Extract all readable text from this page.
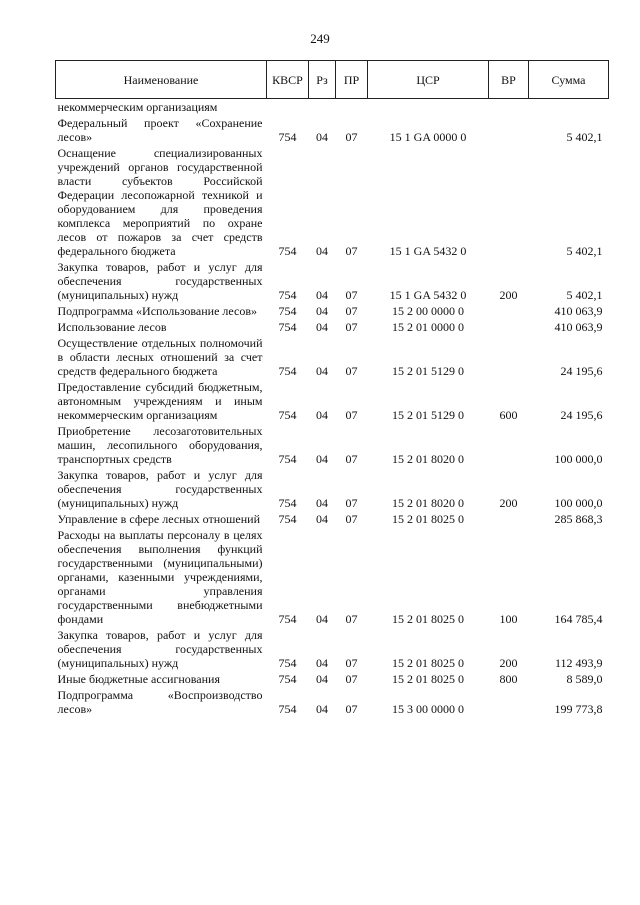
249
Наименование	КВСР	Рз	ПР	ЦСР	ВР	Сумма
некоммерческим организациям						
Федеральный проект «Сохранение лесов»	754	04	07	15 1 GA 0000 0		5 402,1
Оснащение специализированных учреждений органов государственной власти субъектов Российской Федерации лесопожарной техникой и оборудованием для проведения комплекса мероприятий по охране лесов от пожаров за счет средств федерального бюджета	754	04	07	15 1 GA 5432 0		5 402,1
Закупка товаров, работ и услуг для обеспечения государственных (муниципальных) нужд	754	04	07	15 1 GA 5432 0	200	5 402,1
Подпрограмма «Использование лесов»	754	04	07	15 2 00 0000 0		410 063,9
Использование лесов	754	04	07	15 2 01 0000 0		410 063,9
Осуществление отдельных полномочий в области лесных отношений за счет средств федерального бюджета	754	04	07	15 2 01 5129 0		24 195,6
Предоставление субсидий бюджетным, автономным учреждениям и иным некоммерческим организациям	754	04	07	15 2 01 5129 0	600	24 195,6
Приобретение лесозаготовительных машин, лесопильного оборудования, транспортных средств	754	04	07	15 2 01 8020 0		100 000,0
Закупка товаров, работ и услуг для обеспечения государственных (муниципальных) нужд	754	04	07	15 2 01 8020 0	200	100 000,0
Управление в сфере лесных отношений	754	04	07	15 2 01 8025 0		285 868,3
Расходы на выплаты персоналу в целях обеспечения выполнения функций государственными (муниципальными) органами, казенными учреждениями, органами управления государственными внебюджетными фондами	754	04	07	15 2 01 8025 0	100	164 785,4
Закупка товаров, работ и услуг для обеспечения государственных (муниципальных) нужд	754	04	07	15 2 01 8025 0	200	112 493,9
Иные бюджетные ассигнования	754	04	07	15 2 01 8025 0	800	8 589,0
Подпрограмма «Воспроизводство лесов»	754	04	07	15 3 00 0000 0		199 773,8
